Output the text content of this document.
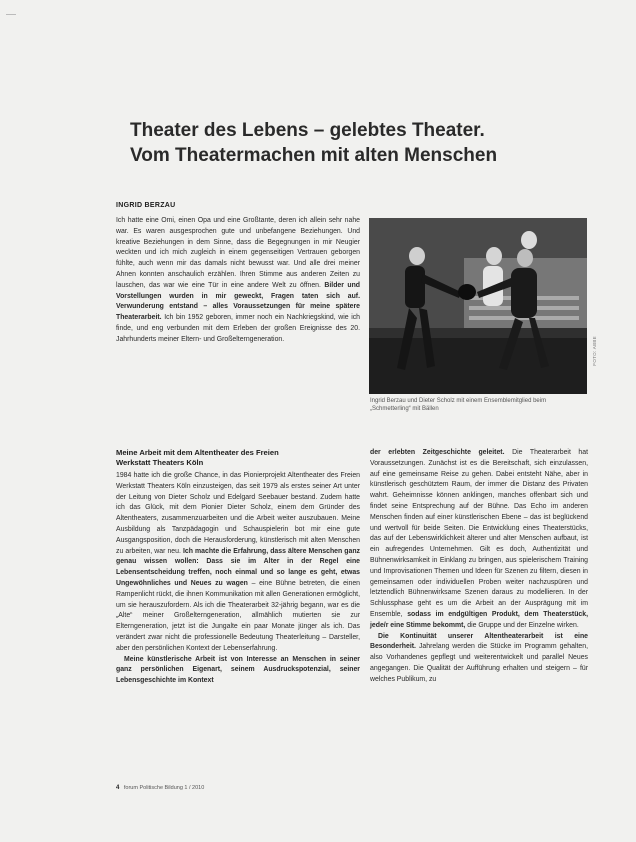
Theater des Lebens – gelebtes Theater.
Vom Theatermachen mit alten Menschen

INGRID BERZAU

Ich hatte eine Omi, einen Opa und eine Großtante, deren ich allein sehr nahe war. Es waren ausgesprochen gute und unbefangene Beziehungen. Und kreative Beziehungen in dem Sinne, dass die Begegnungen in mir Neugier weckten und ich mich zugleich in einem gegenseitigen Vertrauen geborgen fühlte, auch wenn mir das damals nicht bewusst war. Und alle drei meiner Ahnen konnten anschaulich erzählen. Ihren Stimme aus anderen Zeiten zu lauschen, das war wie eine Tür in eine andere Welt zu öffnen. Bilder und Vorstellungen wurden in mir geweckt, Fragen taten sich auf. Verwunderung entstand – alles Voraussetzungen für meine spätere Theaterarbeit. Ich bin 1952 geboren, immer noch ein Nachkriegskind, wie ich finde, und eng verbunden mit dem Erleben der großen Ereignisse des 20. Jahrhunderts meiner Eltern- und Großelterngeneration.	FOTO: ABBE

Ingrid Berzau und Dieter Scholz mit einem Ensemblemitglied beim „Schmetterling“ mit Bällen

Meine Arbeit mit dem Altentheater des Freien
Werkstatt Theaters Köln

1984 hatte ich die große Chance, in das Pionierprojekt Altentheater des Freien Werkstatt Theaters Köln einzusteigen, das seit 1979 als erstes seiner Art unter der Leitung von Dieter Scholz und Edelgard Seebauer bestand. Zudem hatte ich das Glück, mit dem Pionier Dieter Scholz, einem dem Gründer des Altentheaters, zusammenzuarbeiten und die Arbeit weiter auszubauen. Meine Ausbildung als Tanzpädagogin und Schauspielerin bot mir eine gute Ausgangsposition, doch die Herausforderung, künstlerisch mit alten Menschen zu arbeiten, war neu. Ich machte die Erfahrung, dass ältere Menschen ganz genau wissen wollen: Dass sie im Alter in der Regel eine Lebensentscheidung treffen, noch einmal und so lange es geht, etwas Ungewöhnliches und Neues zu wagen – eine Bühne betreten, die einen Rampenlicht rückt, die ihnen Kommunikation mit allen Generationen ermöglicht, um sie herauszufordern. Als ich die Theaterarbeit 32-jährig begann, war es die „Alte“ meiner Großelterngeneration, allmählich mutierten sie zur Elterngeneration, jetzt ist die Jungalte ein paar Monate jünger als ich. Das verändert zwar nicht die professionelle Bedeutung Theaterleitung – Darsteller, aber den persönlichen Kontext der Lebenserfahrung.

Meine künstlerische Arbeit ist von Interesse an Menschen in seiner ganz persönlichen Eigenart, seinem Ausdruckspotenzial, seiner Lebensgeschichte im Kontext

der erlebten Zeitgeschichte geleitet. Die Theaterarbeit hat Voraussetzungen. Zunächst ist es die Bereitschaft, sich einzulassen, auf eine gemeinsame Reise zu gehen. Dabei entsteht Nähe, aber in künstlerisch geschütztem Raum, der immer die Distanz des Privaten wahrt. Geheimnisse können anklingen, manches offenbart sich und findet seine Entsprechung auf der Bühne. Das Echo im anderen Menschen finden auf einer künstlerischen Ebene – das ist beglückend und wertvoll für beide Seiten. Die Entwicklung eines Theaterstücks, das auf der Lebenswirklichkeit älterer und alter Menschen aufbaut, ist ein aufregendes Unternehmen. Gilt es doch, Authentizität und Bühnenwirksamkeit in Einklang zu bringen, aus spielerischem Training und Improvisationen Themen und Ideen für Szenen zu filtern, diesen in gemeinsamen oder individuellen Proben weiter nachzuspüren und letztendlich Bühnenwirksame Szenen daraus zu modellieren. In der Schlussphase geht es um die Arbeit an der Ausprägung mit im Ensemble, sodass im endgültigen Produkt, dem Theaterstück, jede/r eine Stimme bekommt, die Gruppe und der Einzelne wirken.

Die Kontinuität unserer Altentheaterarbeit ist eine Besonderheit. Jahrelang werden die Stücke im Programm gehalten, also Vorhandenes gepflegt und weiterentwickelt und parallel Neues angegangen. Die Qualität der Aufführung erhalten und steigern – für welches Publikum, zu

4 forum Politische Bildung 1 / 2010
